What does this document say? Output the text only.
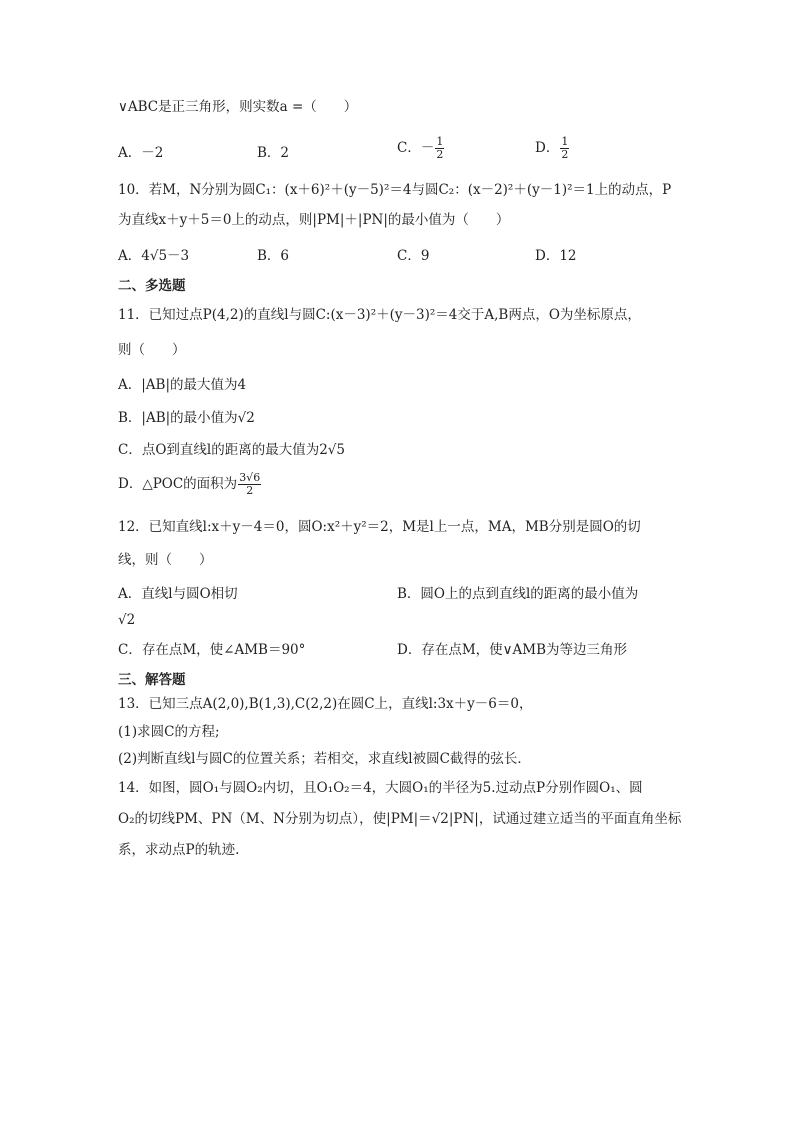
∨ABC是正三角形，则实数a =（　　）
A．－2	B．2	C．－ $\frac{1}{2}$	D． $\frac{1}{2}$
10．若M，N分别为圆C₁：(x＋6)²＋(y－5)²＝4与圆C₂：(x－2)²＋(y－1)²＝1上的动点，P
为直线x＋y＋5＝0上的动点，则|PM|＋|PN|的最小值为（　　）
A．4√5－3	B．6	C．9	D．12
二、多选题
11．已知过点P(4,2)的直线l与圆C:(x－3)²＋(y－3)²＝4交于A,B两点，O为坐标原点，
则（　　）
A．|AB|的最大值为4
B．|AB|的最小值为√2
C．点O到直线l的距离的最大值为2√5
D．△POC的面积为 $\frac{3√6}{2}$
12．已知直线l:x＋y－4＝0，圆O:x²＋y²＝2，M是l上一点，MA，MB分别是圆O的切
线，则（　　）
A．直线l与圆O相切	B．圆O上的点到直线l的距离的最小值为
√2
C．存在点M，使∠AMB＝90°	D．存在点M，使∨AMB为等边三角形
三、解答题
13．已知三点A(2,0),B(1,3),C(2,2)在圆C上，直线l:3x＋y－6＝0，
(1)求圆C的方程;
(2)判断直线l与圆C的位置关系；若相交，求直线l被圆C截得的弦长．
14．如图，圆O₁与圆O₂内切，且O₁O₂＝4，大圆O₁的半径为5.过动点P分别作圆O₁、圆
O₂的切线PM、PN（M、N分别为切点），使|PM|＝√2|PN|，试通过建立适当的平面直角坐标
系，求动点P的轨迹.
